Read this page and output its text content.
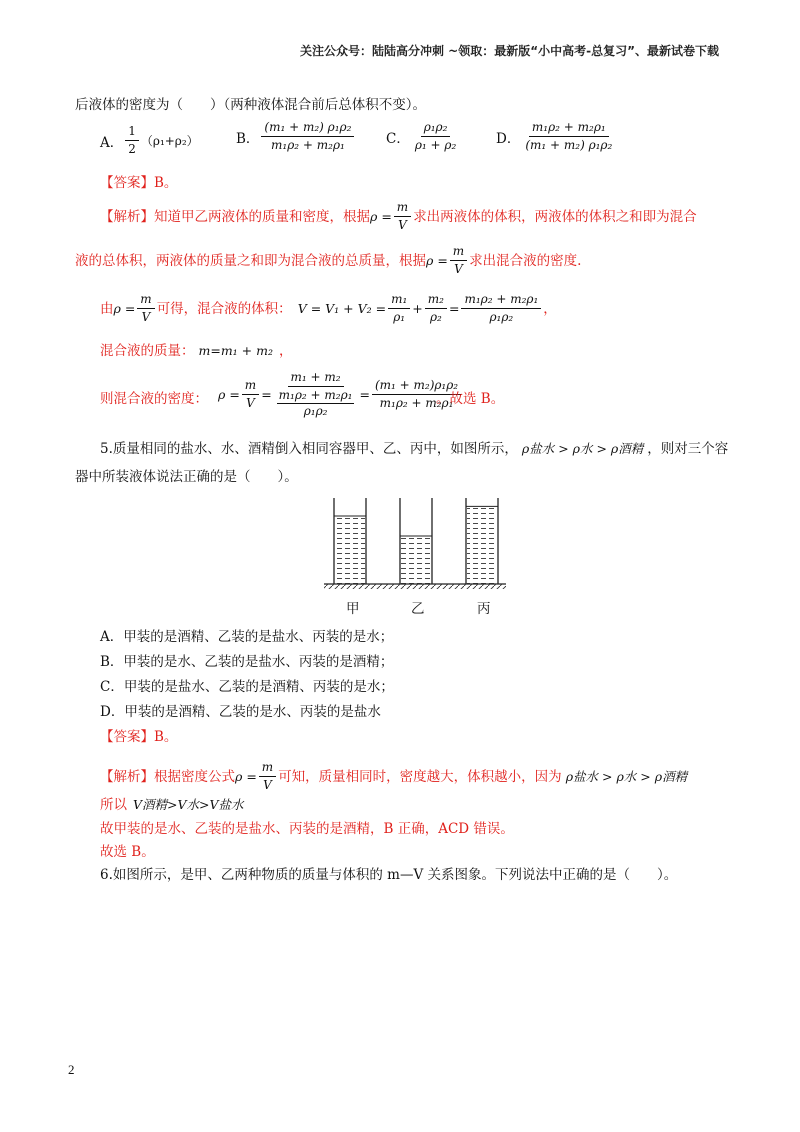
关注公众号：陆陆高分冲刺 ~领取：最新版“小中高考-总复习”、最新试卷下载
后液体的密度为（　　）（两种液体混合前后总体积不变）。
A． $\frac{1}{2} (\rho_1+\rho_2)$	B． $\frac{\text{(m₁ + m₂) ρ₁ρ₂}}{\text{m₁ρ₂ + m₂ρ₁}}$ C． $\frac{\text{ρ₁ρ₂}}{\text{ρ₁ + ρ₂}}$	D． $\frac{\text{m₁ρ₂ + m₂ρ₁}}{\text{(m₁ + m₂) ρ₁ρ₂}}$
【答案】B。
【解析】知道甲乙两液体的质量和密度，根据 $\rho = \frac{m}{V}$ 求出两液体的体积，两液体的体积之和即为混合
液的总体积，两液体的质量之和即为混合液的总质量，根据 $\rho = \frac{m}{V}$ 求出混合液的密度.
由 $\rho = \frac{m}{V}$ 可得，混合液的体积： $V = V_1 + V_2 = \frac{\text{m₁}}{\text{ρ₁}} + \frac{\text{m₂}}{\text{ρ₂}} = \frac{\text{m₁ρ₂ + m₂ρ₁}}{\text{ρ₁ρ₂}}$ ，
混合液的质量： m=m₁ + m₂ ，
$\rho = \frac{m}{V} = m_1 + m_2$
m₁ρ₂ + m₂ρ₁
$\rho_1\rho_2 = \frac{\text{(m₁ + m₂)ρ₁ρ₂}}{\text{m₁ρ₂ + m₂ρ₁}}$
则混合液的密度：	。故选 B。
5.质量相同的盐水、水、酒精倒入相同容器甲、乙、丙中，如图所示， ρ盐水 > ρ水 > ρ酒精 ，则对三个容
器中所装液体说法正确的是（　　）。
甲	乙	丙
A．甲装的是酒精、乙装的是盐水、丙装的是水；
B．甲装的是水、乙装的是盐水、丙装的是酒精；
C．甲装的是盐水、乙装的是酒精、丙装的是水；
D．甲装的是酒精、乙装的是水、丙装的是盐水
【答案】B。
【解析】根据密度公式 $\rho = \frac{m}{V}$ 可知，质量相同时，密度越大，体积越小，因为 ρ盐水 > ρ水 > ρ酒精
所以 V酒精>V水>V盐水
故甲装的是水、乙装的是盐水、丙装的是酒精，B 正确，ACD 错误。
故选 B。
6.如图所示，是甲、乙两种物质的质量与体积的 m—V 关系图象。下列说法中正确的是（　　）。
2
